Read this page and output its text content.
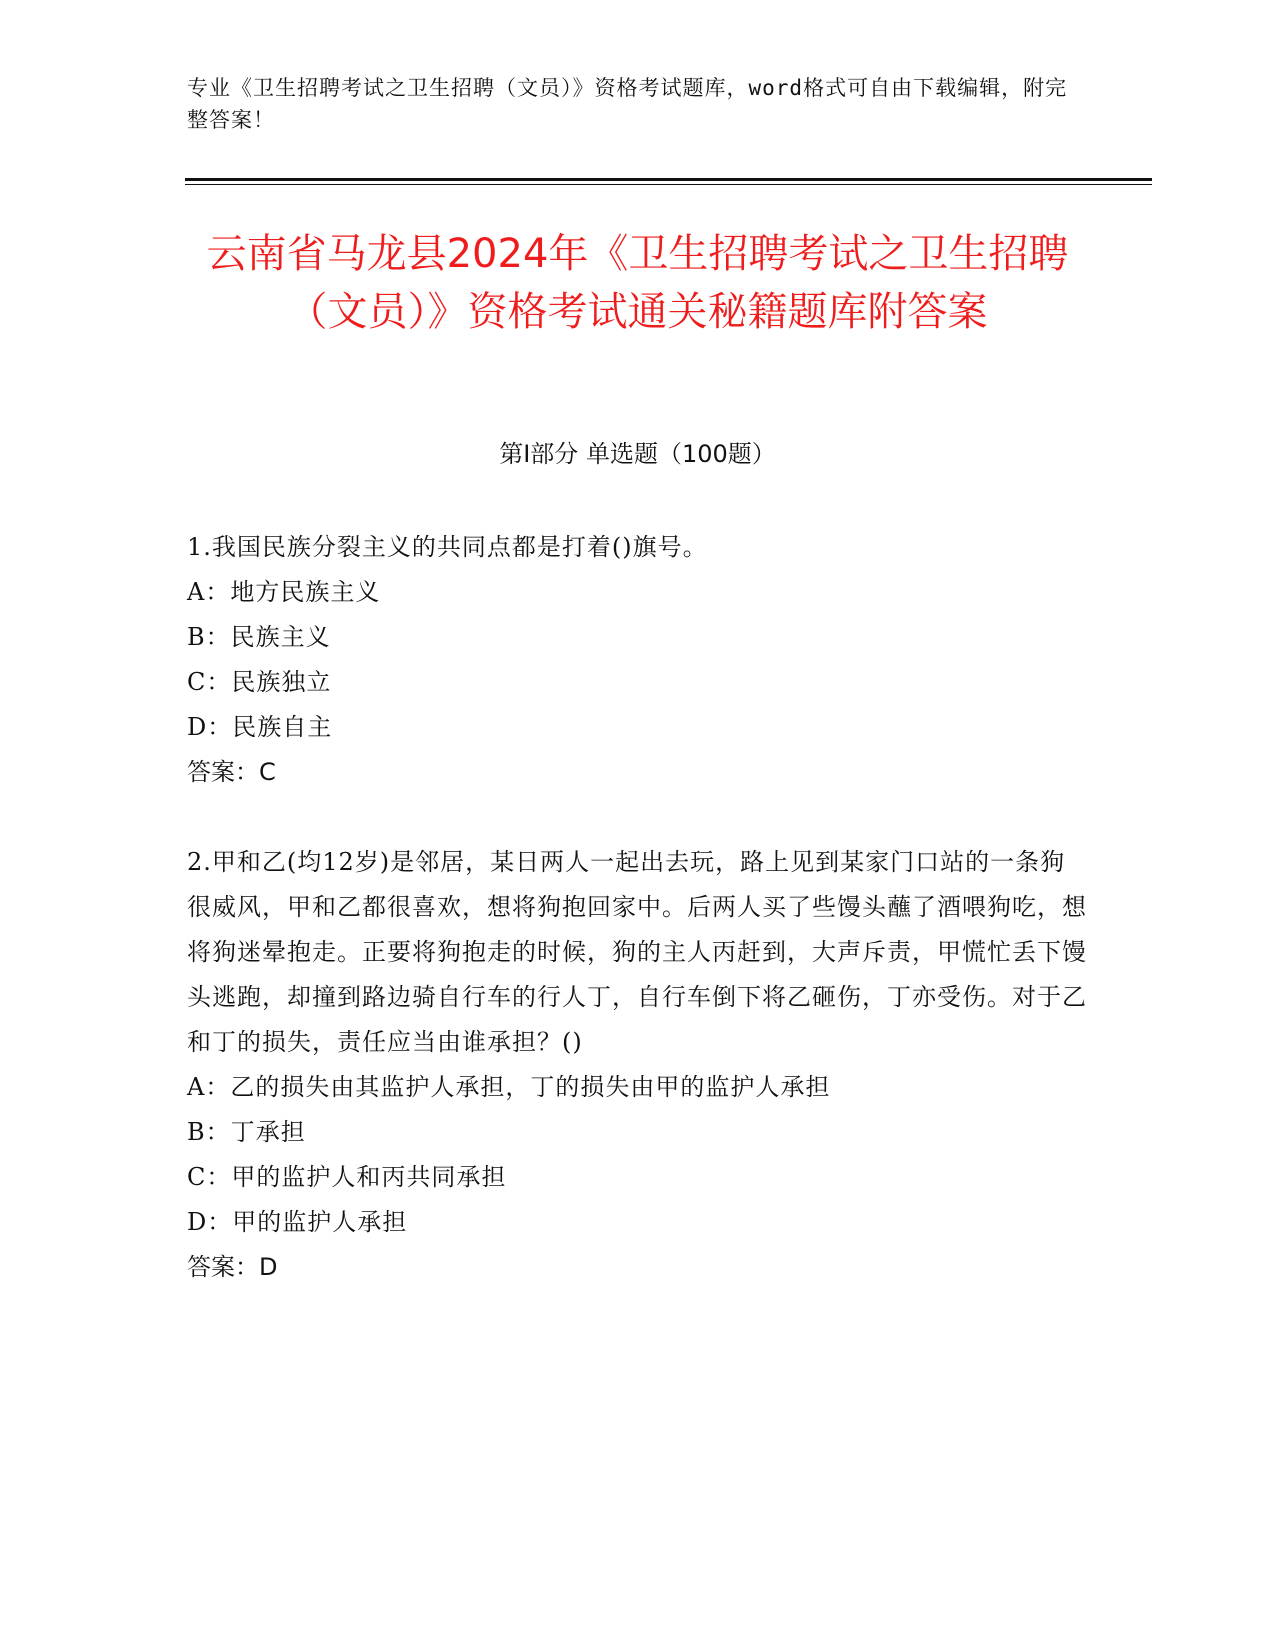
专业《卫生招聘考试之卫生招聘（文员）》资格考试题库，word格式可自由下载编辑，附完整答案！
云南省马龙县2024年《卫生招聘考试之卫生招聘（文员）》资格考试通关秘籍题库附答案
第Ⅰ部分 单选题（100题）

1.我国民族分裂主义的共同点都是打着()旗号。

A：地方民族主义

B：民族主义

C：民族独立

D：民族自主

答案：C

2.甲和乙(均12岁)是邻居，某日两人一起出去玩，路上见到某家门口站的一条狗很威风，甲和乙都很喜欢，想将狗抱回家中。后两人买了些馒头蘸了酒喂狗吃，想将狗迷晕抱走。正要将狗抱走的时候，狗的主人丙赶到，大声斥责，甲慌忙丢下馒头逃跑，却撞到路边骑自行车的行人丁，自行车倒下将乙砸伤，丁亦受伤。对于乙和丁的损失，责任应当由谁承担？()

A：乙的损失由其监护人承担，丁的损失由甲的监护人承担

B：丁承担

C：甲的监护人和丙共同承担

D：甲的监护人承担

答案：D
